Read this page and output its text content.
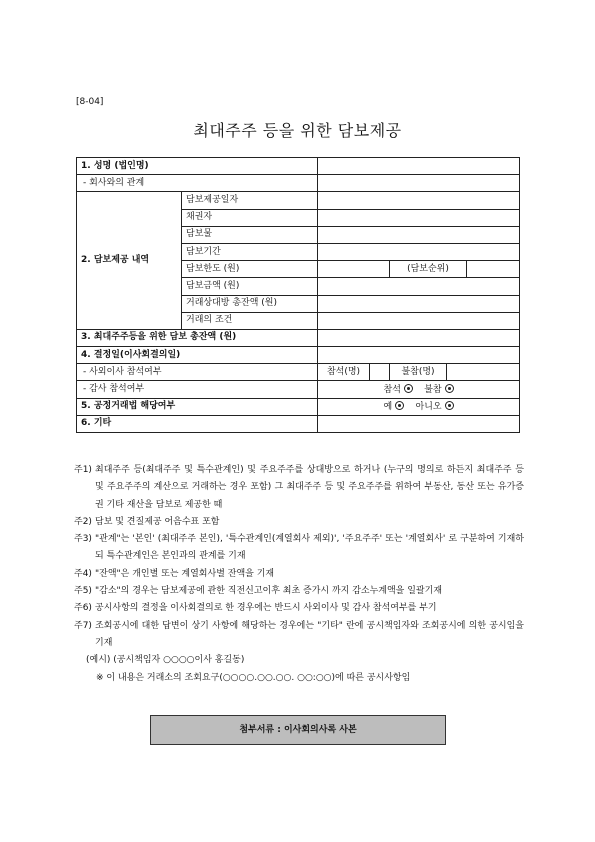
[8-04]
최대주주 등을 위한 담보제공
1. 성명 (법인명)						
- 회사와의 관계						
2. 담보제공 내역	담보제공일자					
	채권자					
	담보물					
	담보기간					
	담보한도 (원)			(담보순위)		
	담보금액 (원)					
	거래상대방 총잔액 (원)					
	거래의 조건					
3. 최대주주등을 위한 담보 총잔액 (원)						
4. 결정일(이사회결의일)						
- 사외이사 참석여부		참석(명)		불참(명)		
- 감사 참석여부		참석 불참				
5. 공정거래법 해당여부		예 아니오				
6. 기타						
주1) 최대주주 등(최대주주 및 특수관계인) 및 주요주주를 상대방으로 하거나 (누구의 명의로 하든지 최대주주 등 및 주요주주의 계산으로 거래하는 경우 포함) 그 최대주주 등 및 주요주주를 위하여 부동산, 동산 또는 유가증권 기타 재산을 담보로 제공한 때
주2) 담보 및 견질제공 어음수표 포함
주3) "관계"는 '본인' (최대주주 본인), '특수관계인(계열회사 제외)', '주요주주' 또는 '계열회사' 로 구분하여 기재하되 특수관계인은 본인과의 관계를 기재
주4) "잔액"은 개인별 또는 계열회사별 잔액을 기재
주5) "감소"의 경우는 담보제공에 관한 직전신고이후 최초 증가시 까지 감소누계액을 일괄기재
주6) 공시사항의 결정을 이사회결의로 한 경우에는 반드시 사외이사 및 감사 참석여부를 부기
주7) 조회공시에 대한 답변이 상기 사항에 해당하는 경우에는 "기타" 란에 공시책임자와 조회공시에 의한 공시임을 기재
(예시) (공시책임자 ○○○○이사 홍길동)
※ 이 내용은 거래소의 조회요구(○○○○.○○.○○. ○○:○○)에 따른 공시사항임
첨부서류 : 이사회의사록 사본
